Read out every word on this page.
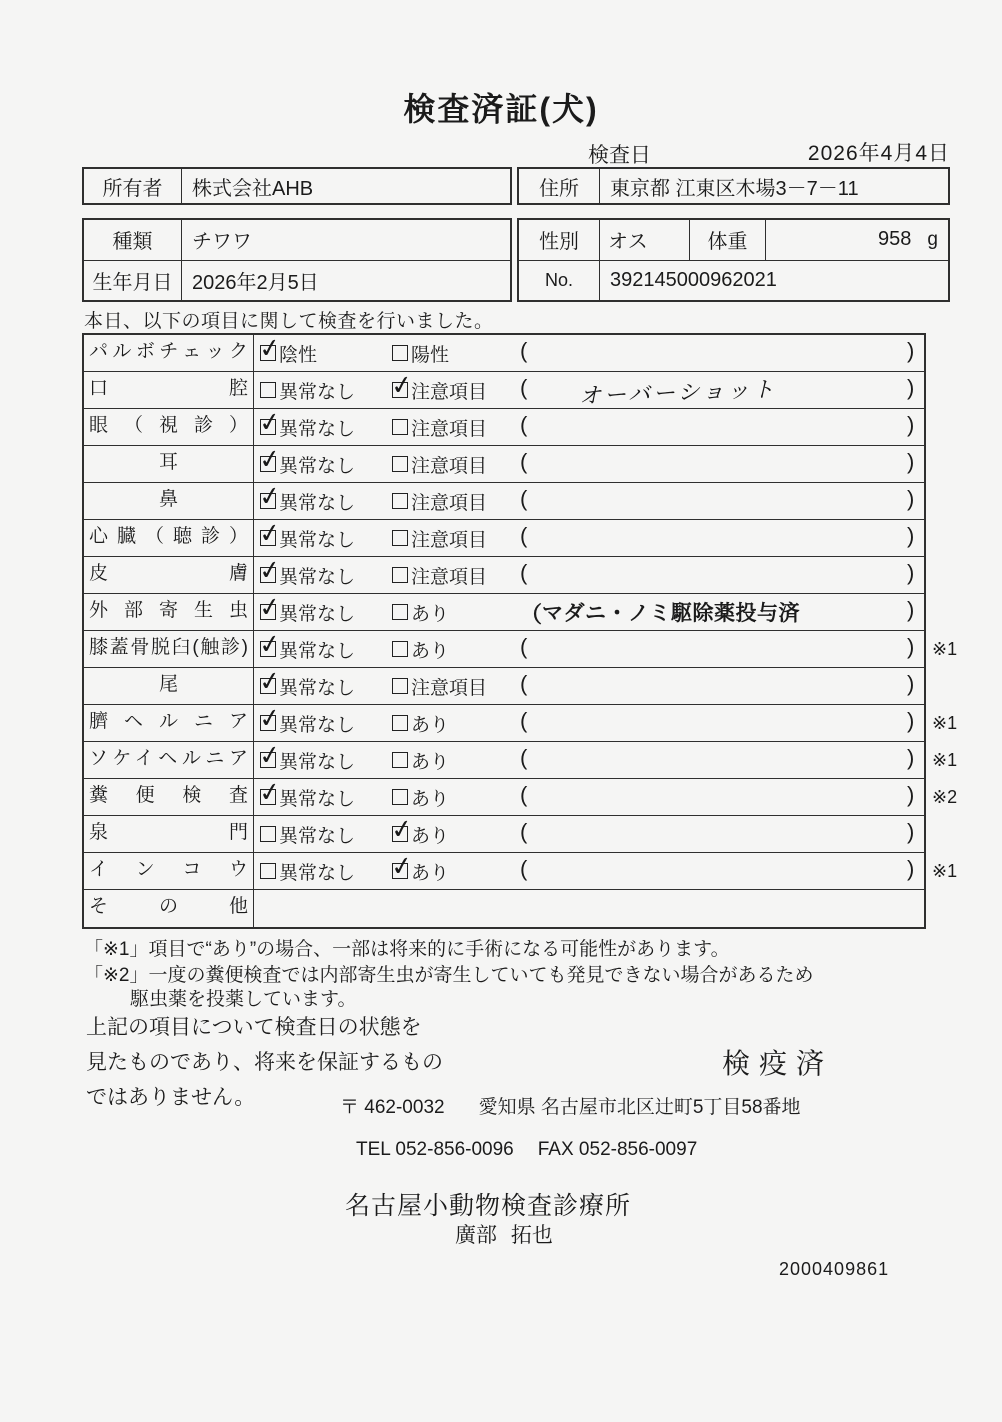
検査済証(犬)
検査日	2026年4月4日
所有者	株式会社AHB	住所	東京都 江東区木場3－7－11
種類	チワワ
生年月日 2026年2月5日
性別	オス	体重	958 g
No.	392145000962021
本日、以下の項目に関して検査を行いました。
パルボチェック ✓	陰性	陽性	(	)
口腔	異常なし ✓	注意項目 (	)
オーバーショット
眼（視診） ✓	異常なし	注意項目 (	)
耳 ✓	異常なし	注意項目 (	)
鼻 ✓	異常なし	注意項目 (	)
心臓（聴診） ✓	異常なし	注意項目 (	)
皮膚 ✓	異常なし	注意項目 (	)
外部寄生虫 ✓	異常なし	あり	（	)
マダニ・ノミ駆除薬投与済
膝蓋骨脱臼(触診) ✓	異常なし	あり	(	) ※1
尾 ✓	異常なし	注意項目 (	)
臍ヘルニア ✓	異常なし	あり	(	) ※1
ソケイヘルニア ✓	異常なし	あり	(	) ※1
糞便検査 ✓	異常なし	あり	(	) ※2
泉門	異常なし ✓	あり	(	)
インコウ	異常なし ✓	あり	(	) ※1
その他
「※1」項目で“あり”の場合、一部は将来的に手術になる可能性があります。
「※2」一度の糞便検査では内部寄生虫が寄生していても発見できない場合があるため
駆虫薬を投薬しています。
上記の項目について検査日の状態を
見たものであり、将来を保証するもの
ではありません。
検疫済
〒 462-0032 愛知県 名古屋市北区辻町5丁目58番地
TEL 052-856-0096 FAX 052-856-0097
名古屋小動物検査診療所
廣部 拓也
2000409861
